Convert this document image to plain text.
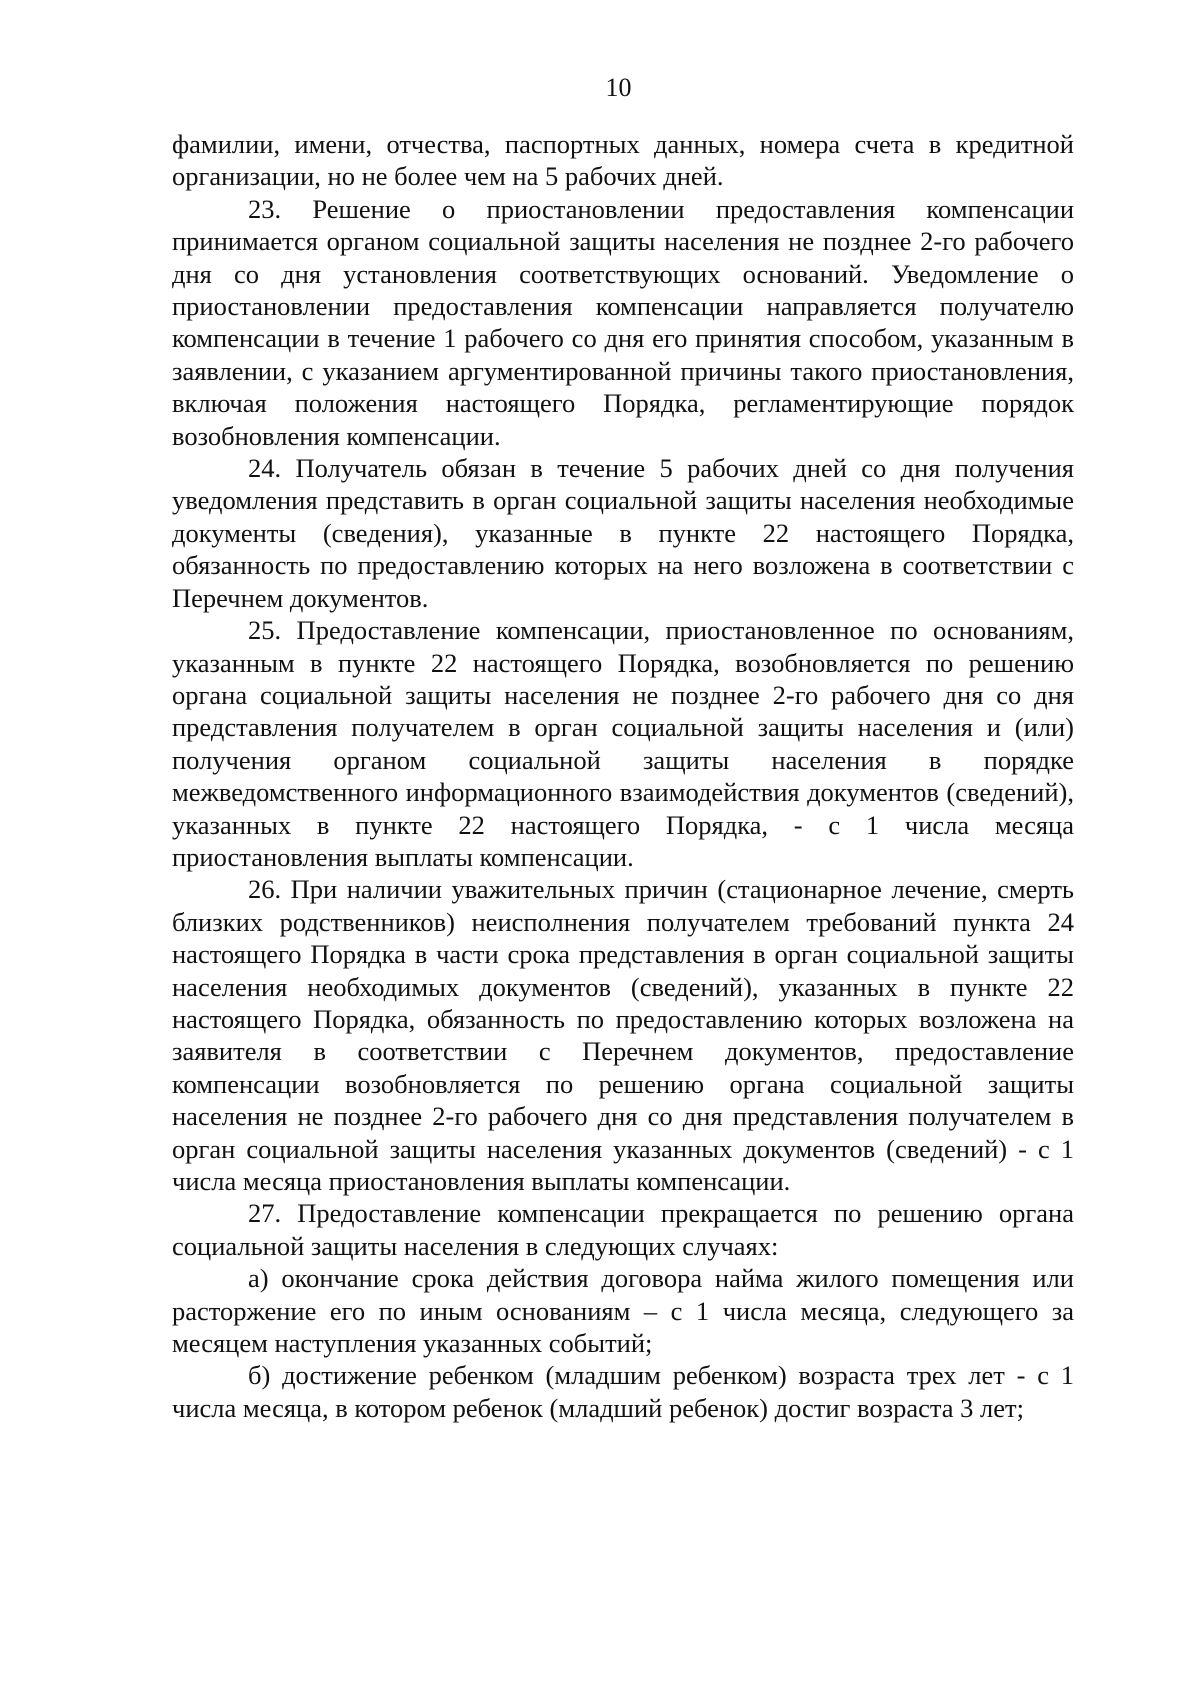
10

фамилии, имени, отчества, паспортных данных, номера счета в кредитной организации, но не более чем на 5 рабочих дней.

23. Решение о приостановлении предоставления компенсации принимается органом социальной защиты населения не позднее 2-го рабочего дня со дня установления соответствующих оснований. Уведомление о приостановлении предоставления компенсации направляется получателю компенсации в течение 1 рабочего со дня его принятия способом, указанным в заявлении, с указанием аргументированной причины такого приостановления, включая положения настоящего Порядка, регламентирующие порядок возобновления компенсации.

24. Получатель обязан в течение 5 рабочих дней со дня получения уведомления представить в орган социальной защиты населения необходимые документы (сведения), указанные в пункте 22 настоящего Порядка, обязанность по предоставлению которых на него возложена в соответствии с Перечнем документов.

25. Предоставление компенсации, приостановленное по основаниям, указанным в пункте 22 настоящего Порядка, возобновляется по решению органа социальной защиты населения не позднее 2-го рабочего дня со дня представления получателем в орган социальной защиты населения и (или) получения органом социальной защиты населения в порядке межведомственного информационного взаимодействия документов (сведений), указанных в пункте 22 настоящего Порядка, - с 1 числа месяца приостановления выплаты компенсации.

26. При наличии уважительных причин (стационарное лечение, смерть близких родственников) неисполнения получателем требований пункта 24 настоящего Порядка в части срока представления в орган социальной защиты населения необходимых документов (сведений), указанных в пункте 22 настоящего Порядка, обязанность по предоставлению которых возложена на заявителя в соответствии с Перечнем документов, предоставление компенсации возобновляется по решению органа социальной защиты населения не позднее 2-го рабочего дня со дня представления получателем в орган социальной защиты населения указанных документов (сведений) - с 1 числа месяца приостановления выплаты компенсации.

27. Предоставление компенсации прекращается по решению органа социальной защиты населения в следующих случаях:

а) окончание срока действия договора найма жилого помещения или расторжение его по иным основаниям – с 1 числа месяца, следующего за месяцем наступления указанных событий;

б) достижение ребенком (младшим ребенком) возраста трех лет - с 1 числа месяца, в котором ребенок (младший ребенок) достиг возраста 3 лет;
